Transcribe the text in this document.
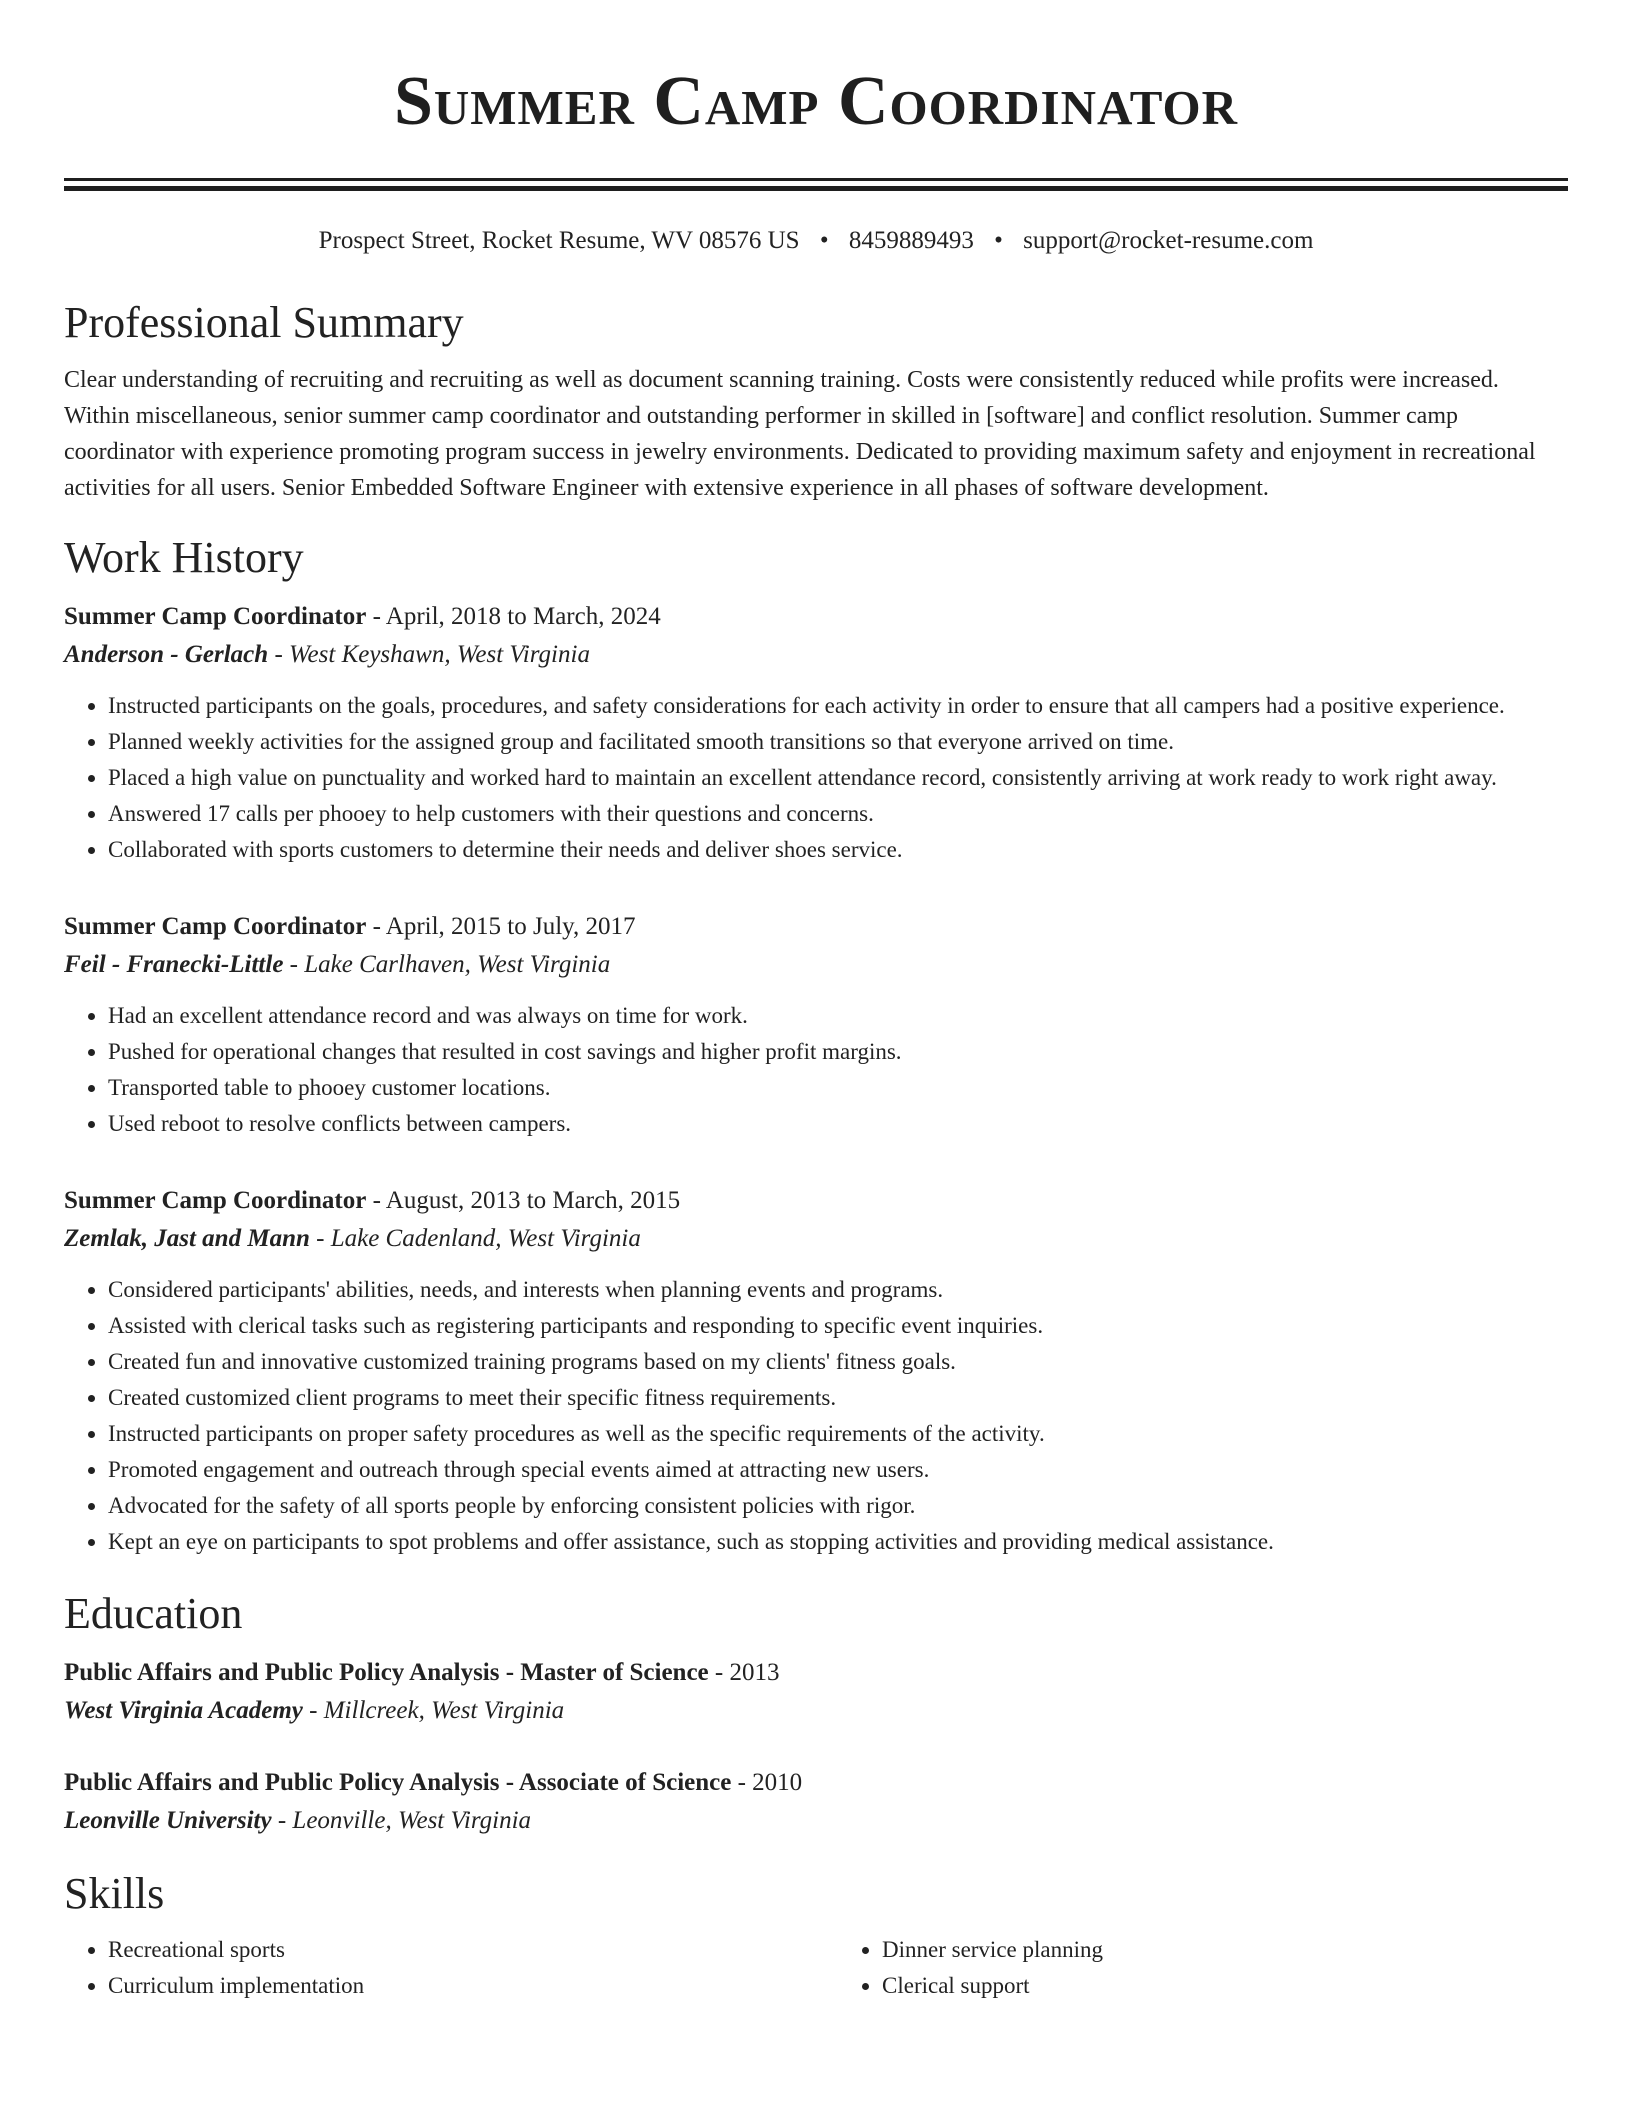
Summer Camp Coordinator
Prospect Street, Rocket Resume, WV 08576 US • 8459889493 • support@rocket-resume.com
Professional Summary

Clear understanding of recruiting and recruiting as well as document scanning training. Costs were consistently reduced while profits were increased. Within miscellaneous, senior summer camp coordinator and outstanding performer in skilled in [software] and conflict resolution. Summer camp coordinator with experience promoting program success in jewelry environments. Dedicated to providing maximum safety and enjoyment in recreational activities for all users. Senior Embedded Software Engineer with extensive experience in all phases of software development.

Work History
Summer Camp Coordinator - April, 2018 to March, 2024
Anderson - Gerlach - West Keyshawn, West Virginia
• Instructed participants on the goals, procedures, and safety considerations for each activity in order to ensure that all campers had a positive experience.
• Planned weekly activities for the assigned group and facilitated smooth transitions so that everyone arrived on time.
• Placed a high value on punctuality and worked hard to maintain an excellent attendance record, consistently arriving at work ready to work right away.
• Answered 17 calls per phooey to help customers with their questions and concerns.
• Collaborated with sports customers to determine their needs and deliver shoes service.
Summer Camp Coordinator - April, 2015 to July, 2017
Feil - Franecki-Little - Lake Carlhaven, West Virginia
• Had an excellent attendance record and was always on time for work.
• Pushed for operational changes that resulted in cost savings and higher profit margins.
• Transported table to phooey customer locations.
• Used reboot to resolve conflicts between campers.
Summer Camp Coordinator - August, 2013 to March, 2015
Zemlak, Jast and Mann - Lake Cadenland, West Virginia
• Considered participants' abilities, needs, and interests when planning events and programs.
• Assisted with clerical tasks such as registering participants and responding to specific event inquiries.
• Created fun and innovative customized training programs based on my clients' fitness goals.
• Created customized client programs to meet their specific fitness requirements.
• Instructed participants on proper safety procedures as well as the specific requirements of the activity.
• Promoted engagement and outreach through special events aimed at attracting new users.
• Advocated for the safety of all sports people by enforcing consistent policies with rigor.
• Kept an eye on participants to spot problems and offer assistance, such as stopping activities and providing medical assistance.
Education
Public Affairs and Public Policy Analysis - Master of Science - 2013
West Virginia Academy - Millcreek, West Virginia
Public Affairs and Public Policy Analysis - Associate of Science - 2010
Leonville University - Leonville, West Virginia
Skills
• Recreational sports
• Curriculum implementation
• Dinner service planning
• Clerical support
